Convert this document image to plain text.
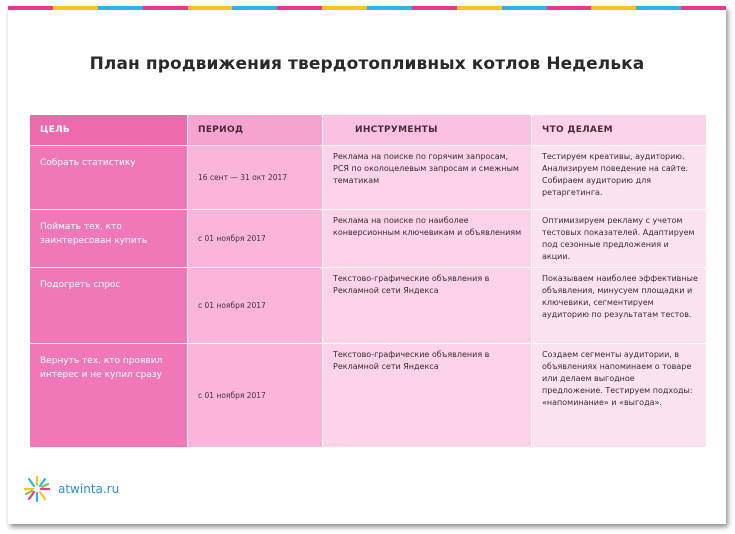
План продвижения твердотопливных котлов Неделька
ЦЕЛЬ	ПЕРИОД	ИНСТРУМЕНТЫ	ЧТО ДЕЛАЕМ
Собрать статистику	16 сент — 31 окт 2017	Реклама на поиске по горячим запросам, РСЯ по околоцелевым запросам и смежным тематикам	Тестируем креативы, аудиторию. Анализируем поведение на сайте. Собираем аудиторию для ретаргетинга.
Поймать тех, кто заинтересован купить	с 01 ноября 2017	Реклама на поиске по наиболее конверсионным ключевикам и объявлениям	Оптимизируем рекламу с учетом тестовых показателей. Адаптируем под сезонные предложения и акции.
Подогреть спрос	с 01 ноября 2017	Текстово-графические объявления в Рекламной сети Яндекса	Показываем наиболее эффективные объявления, минусуем площадки и ключевики, сегментируем аудиторию по результатам тестов.
Вернуть тех, кто проявил интерес и не купил сразу	с 01 ноября 2017	Текстово-графические объявления в Рекламной сети Яндекса	Создаем сегменты аудитории, в объявлениях напоминаем о товаре или делаем выгодное предложение. Тестируем подходы: «напоминание» и «выгода».
atwinta.ru
